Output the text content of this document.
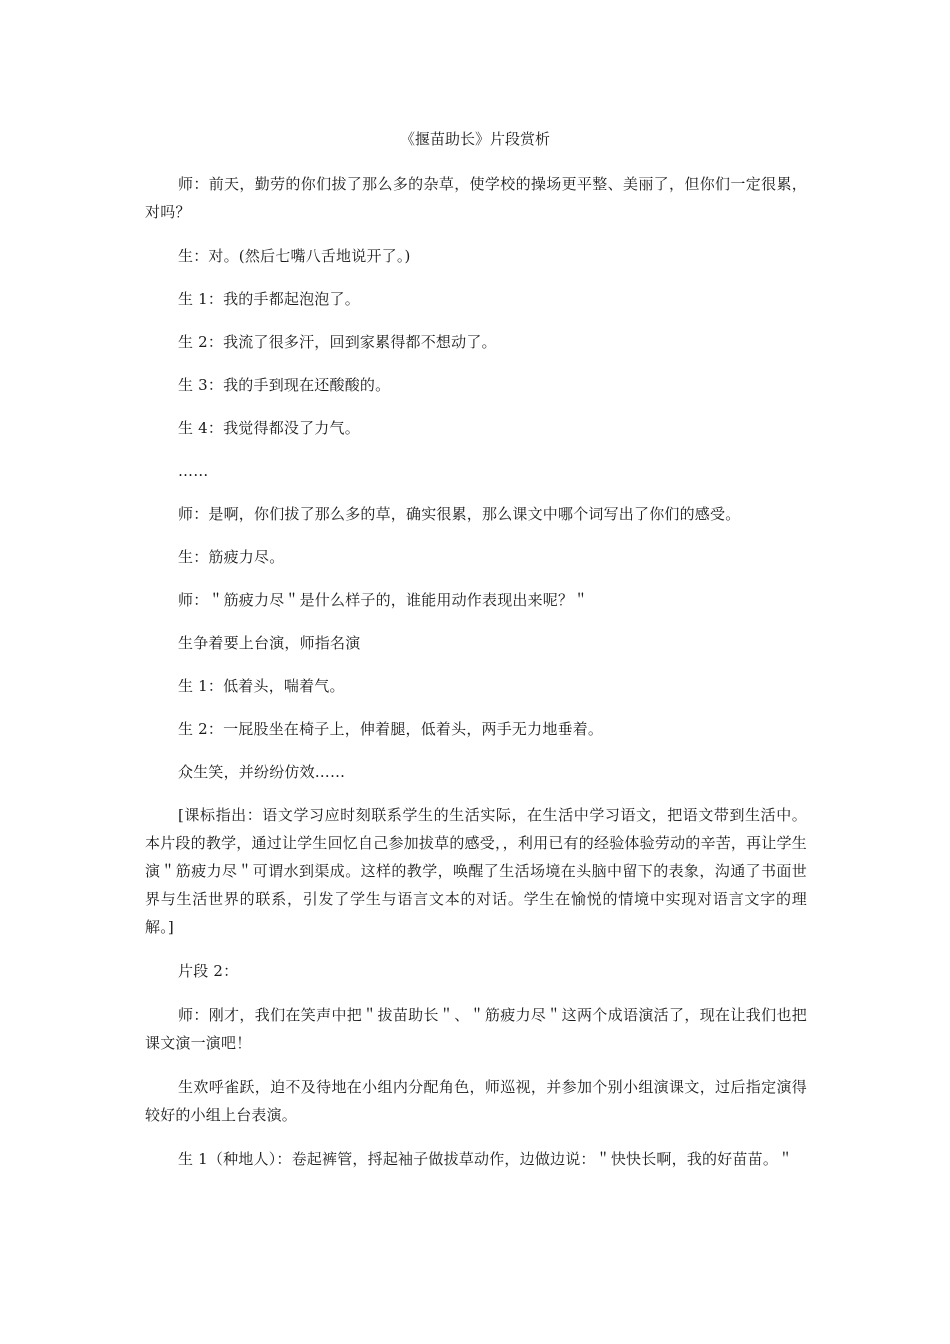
《揠苗助长》片段赏析

师：前天，勤劳的你们拔了那么多的杂草，使学校的操场更平整、美丽了，但你们一定很累，对吗？

生：对。(然后七嘴八舌地说开了。)

生 1：我的手都起泡泡了。

生 2：我流了很多汗，回到家累得都不想动了。

生 3：我的手到现在还酸酸的。

生 4：我觉得都没了力气。

……

师：是啊，你们拔了那么多的草，确实很累，那么课文中哪个词写出了你们的感受。

生：筋疲力尽。

师：＂筋疲力尽＂是什么样子的，谁能用动作表现出来呢？＂

生争着要上台演，师指名演

生 1：低着头，喘着气。

生 2：一屁股坐在椅子上，伸着腿，低着头，两手无力地垂着。

众生笑，并纷纷仿效……

[课标指出：语文学习应时刻联系学生的生活实际，在生活中学习语文，把语文带到生活中。本片段的教学，通过让学生回忆自己参加拔草的感受，，利用已有的经验体验劳动的辛苦，再让学生演＂筋疲力尽＂可谓水到渠成。这样的教学，唤醒了生活场境在头脑中留下的表象，沟通了书面世界与生活世界的联系，引发了学生与语言文本的对话。学生在愉悦的情境中实现对语言文字的理解。]

片段 2：

师：刚才，我们在笑声中把＂拔苗助长＂、＂筋疲力尽＂这两个成语演活了，现在让我们也把课文演一演吧！

生欢呼雀跃，迫不及待地在小组内分配角色，师巡视，并参加个别小组演课文，过后指定演得较好的小组上台表演。

生 1（种地人）：卷起裤管，捋起袖子做拔草动作，边做边说：＂快快长啊，我的好苗苗。＂
